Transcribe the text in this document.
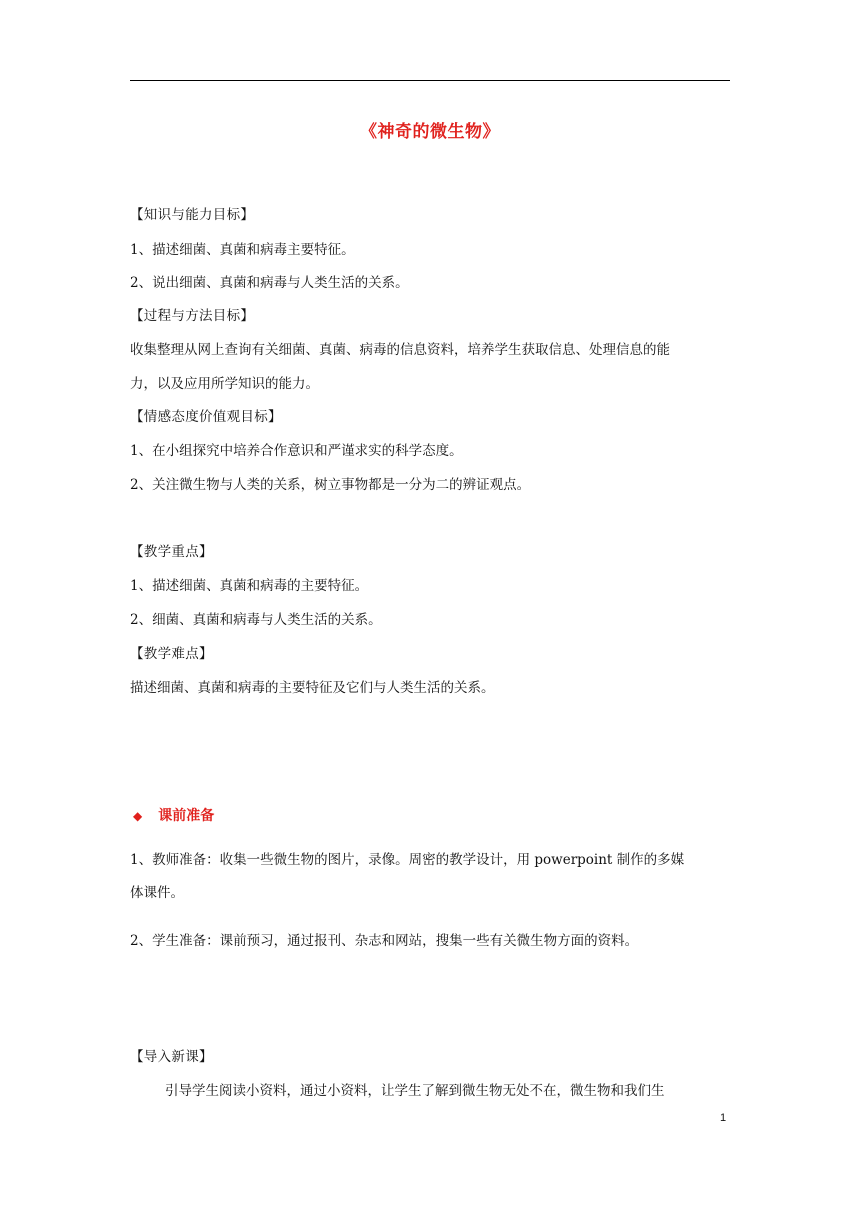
《神奇的微生物》
【知识与能力目标】
1、描述细菌、真菌和病毒主要特征。
2、说出细菌、真菌和病毒与人类生活的关系。
【过程与方法目标】
收集整理从网上查询有关细菌、真菌、病毒的信息资料，培养学生获取信息、处理信息的能
力，以及应用所学知识的能力。
【情感态度价值观目标】
1、在小组探究中培养合作意识和严谨求实的科学态度。
2、关注微生物与人类的关系，树立事物都是一分为二的辨证观点。
【教学重点】
1、描述细菌、真菌和病毒的主要特征。
2、细菌、真菌和病毒与人类生活的关系。
【教学难点】
描述细菌、真菌和病毒的主要特征及它们与人类生活的关系。
◆ 课前准备
1、教师准备：收集一些微生物的图片，录像。周密的教学设计，用 powerpoint 制作的多媒
体课件。
2、学生准备：课前预习，通过报刊、杂志和网站，搜集一些有关微生物方面的资料。
【导入新课】
引导学生阅读小资料，通过小资料，让学生了解到微生物无处不在，微生物和我们生
1
